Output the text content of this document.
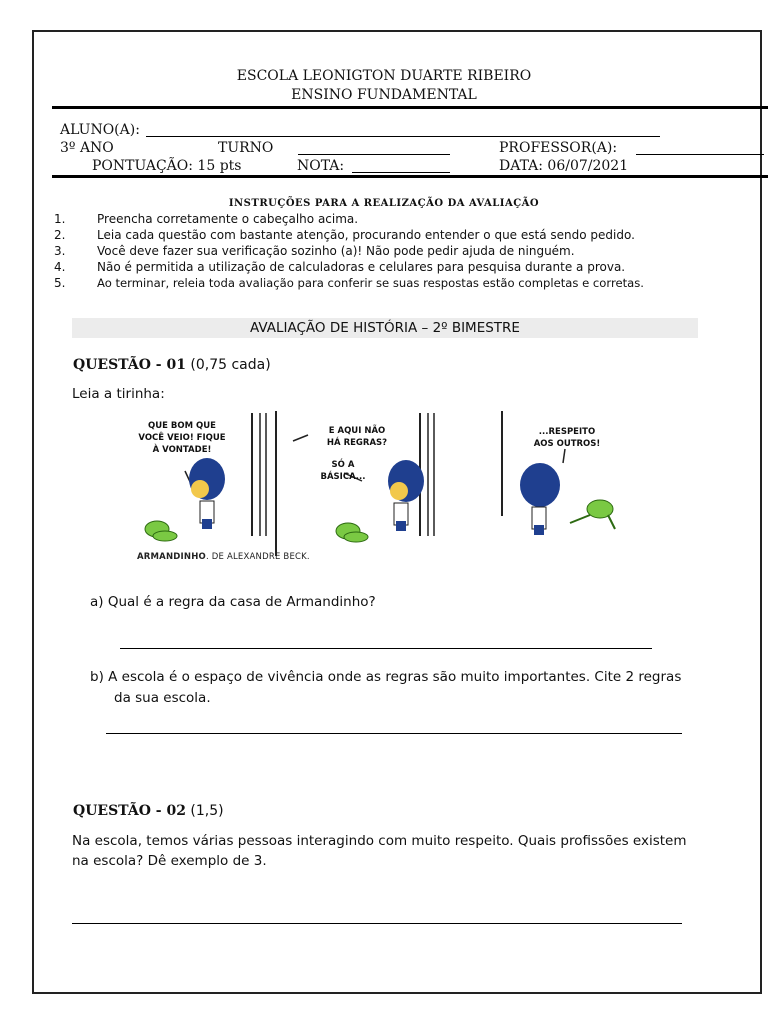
ESCOLA LEONIGTON DUARTE RIBEIRO
ENSINO FUNDAMENTAL
ALUNO(A):
3º ANO	TURNO	PROFESSOR(A):
PONTUAÇÃO: 15 pts	NOTA:	DATA: 06/07/2021
INSTRUÇÕES PARA A REALIZAÇÃO DA AVALIAÇÃO
1.	Preencha corretamente o cabeçalho acima.
2.	Leia cada questão com bastante atenção, procurando entender o que está sendo pedido.
3.	Você deve fazer sua verificação sozinho (a)! Não pode pedir ajuda de ninguém.
4.	Não é permitida a utilização de calculadoras e celulares para pesquisa durante a prova.
5.	Ao terminar, releia toda avaliação para conferir se suas respostas estão completas e corretas.
AVALIAÇÃO DE HISTÓRIA – 2º BIMESTRE
QUESTÃO - 01 (0,75 cada)
Leia a tirinha:
QUE BOM QUE
VOCÊ VEIO! FIQUE
À VONTADE!
E AQUI NÃO
HÁ REGRAS?
SÓ A
BÁSICA...
...RESPEITO
AOS OUTROS!
ARMANDINHO. DE ALEXANDRE BECK.
a) Qual é a regra da casa de Armandinho?
b) A escola é o espaço de vivência onde as regras são muito importantes. Cite 2 regras
da sua escola.
QUESTÃO - 02 (1,5)
Na escola, temos várias pessoas interagindo com muito respeito. Quais profissões existem
na escola? Dê exemplo de 3.
